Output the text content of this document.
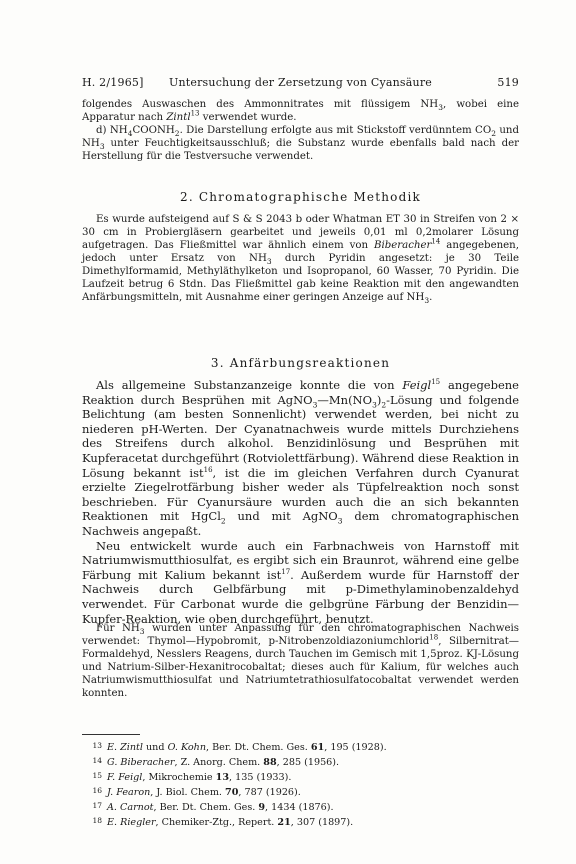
H. 2/1965]	Untersuchung der Zersetzung von Cyansäure	519

folgendes Auswaschen des Ammonnitrates mit flüssigem $NH_3$, wobei eine Apparatur nach Zintl$^{13}$ verwendet wurde.

d) $NH_4COONH_2$. Die Darstellung erfolgte aus mit Stickstoff verdünntem $CO_2$ und $NH_3$ unter Feuchtigkeitsausschluß; die Substanz wurde ebenfalls bald nach der Herstellung für die Testversuche verwendet.

2. Chromatographische Methodik

Es wurde aufsteigend auf S & S 2043 b oder Whatman ET 30 in Streifen von 2 × 30 cm in Probiergläsern gearbeitet und jeweils 0,01 ml 0,2molarer Lösung aufgetragen. Das Fließmittel war ähnlich einem von Biberacher$^{14}$ angegebenen, jedoch unter Ersatz von $NH_3$ durch Pyridin angesetzt: je 30 Teile Dimethylformamid, Methyläthylketon und Isopropanol, 60 Wasser, 70 Pyridin. Die Laufzeit betrug 6 Stdn. Das Fließmittel gab keine Reaktion mit den angewandten Anfärbungsmitteln, mit Ausnahme einer geringen Anzeige auf $NH_3$.

3. Anfärbungsreaktionen

Als allgemeine Substanzanzeige konnte die von Feigl$^{15}$ angegebene Reaktion durch Besprühen mit $AgNO_3—Mn(NO_3)_2$-Lösung und folgende Belichtung (am besten Sonnenlicht) verwendet werden, bei nicht zu niederen pH-Werten. Der Cyanatnachweis wurde mittels Durchziehens des Streifens durch alkohol. Benzidinlösung und Besprühen mit Kupferacetat durchgeführt (Rotviolettfärbung). Während diese Reaktion in Lösung bekannt ist$^{16}$, ist die im gleichen Verfahren durch Cyanurat erzielte Ziegelrotfärbung bisher weder als Tüpfelreaktion noch sonst beschrieben. Für Cyanursäure wurden auch die an sich bekannten Reaktionen mit HgCl$_2$ und mit AgNO$_3$ dem chromatographischen Nachweis angepaßt.

Neu entwickelt wurde auch ein Farbnachweis von Harnstoff mit Natriumwismutthiosulfat, es ergibt sich ein Braunrot, während eine gelbe Färbung mit Kalium bekannt ist$^{17}$. Außerdem wurde für Harnstoff der Nachweis durch Gelbfärbung mit p-Dimethylaminobenzaldehyd verwendet. Für Carbonat wurde die gelbgrüne Färbung der Benzidin—Kupfer-Reaktion, wie oben durchgeführt, benutzt.

Für $NH_3$ wurden unter Anpassung für den chromatographischen Nachweis verwendet: Thymol—Hypobromit, p-Nitrobenzoldiazoniumchlorid$^{18}$, Silbernitrat—Formaldehyd, Nesslers Reagens, durch Tauchen im Gemisch mit 1,5proz. KJ-Lösung und Natrium-Silber-Hexanitrocobaltat; dieses auch für Kalium, für welches auch Natriumwismutthiosulfat und Natriumtetrathiosulfatocobaltat verwendet werden konnten.

13 E. Zintl und O. Kohn, Ber. Dt. Chem. Ges. 61, 195 (1928).
14 G. Biberacher, Z. Anorg. Chem. 88, 285 (1956).
15 F. Feigl, Mikrochemie 13, 135 (1933).
16 J. Fearon, J. Biol. Chem. 70, 787 (1926).
17 A. Carnot, Ber. Dt. Chem. Ges. 9, 1434 (1876).
18 E. Riegler, Chemiker-Ztg., Repert. 21, 307 (1897).
